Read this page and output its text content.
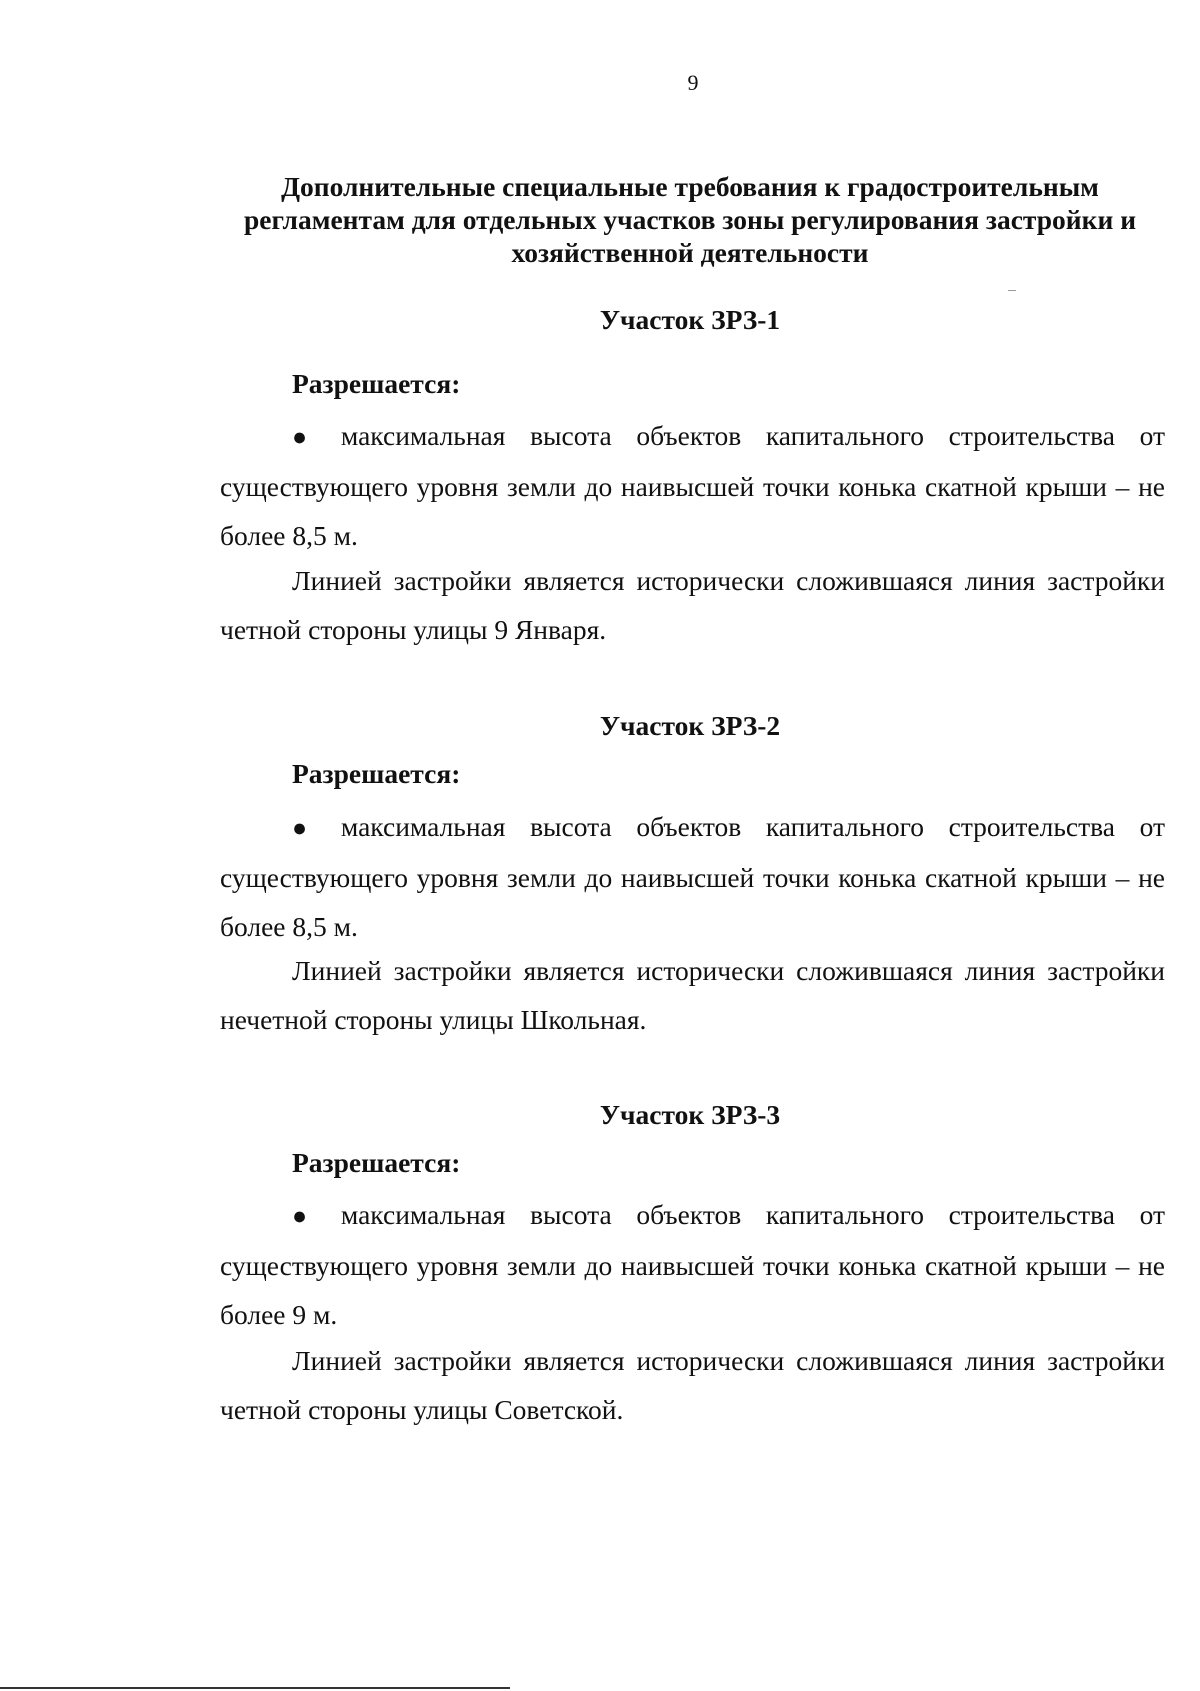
9
Дополнительные специальные требования к градостроительным регламентам для отдельных участков зоны регулирования застройки и хозяйственной деятельности
Участок ЗРЗ-1

Разрешается:

● максимальная высота объектов капитального строительства от существующего уровня земли до наивысшей точки конька скатной крыши – не более 8,5 м.

Линией застройки является исторически сложившаяся линия застройки четной стороны улицы 9 Января.

Участок ЗРЗ-2

Разрешается:

● максимальная высота объектов капитального строительства от существующего уровня земли до наивысшей точки конька скатной крыши – не более 8,5 м.

Линией застройки является исторически сложившаяся линия застройки нечетной стороны улицы Школьная.

Участок ЗРЗ-3

Разрешается:

● максимальная высота объектов капитального строительства от существующего уровня земли до наивысшей точки конька скатной крыши – не более 9 м.

Линией застройки является исторически сложившаяся линия застройки четной стороны улицы Советской.
